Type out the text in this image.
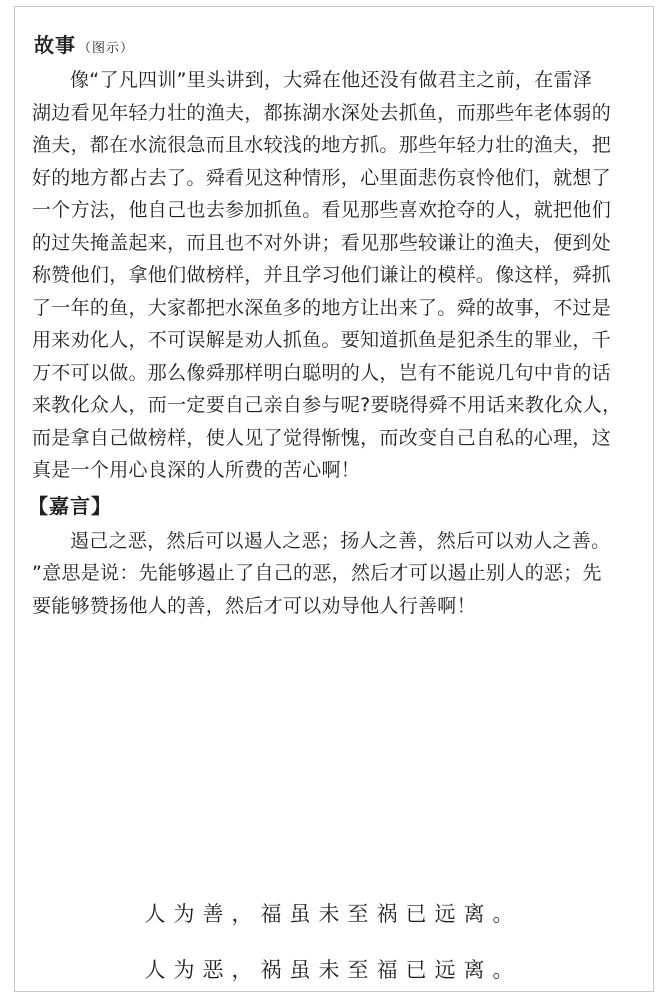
故事 （图示）
像“了凡四训”里头讲到，大舜在他还没有做君主之前，在雷泽
湖边看见年轻力壮的渔夫，都拣湖水深处去抓鱼，而那些年老体弱的
渔夫，都在水流很急而且水较浅的地方抓。那些年轻力壮的渔夫，把
好的地方都占去了。舜看见这种情形，心里面悲伤哀怜他们，就想了
一个方法，他自己也去参加抓鱼。看见那些喜欢抢夺的人，就把他们
的过失掩盖起来，而且也不对外讲；看见那些较谦让的渔夫，便到处
称赞他们，拿他们做榜样，并且学习他们谦让的模样。像这样，舜抓
了一年的鱼，大家都把水深鱼多的地方让出来了。舜的故事，不过是
用来劝化人，不可误解是劝人抓鱼。要知道抓鱼是犯杀生的罪业，千
万不可以做。那么像舜那样明白聪明的人，岂有不能说几句中肯的话
来教化众人，而一定要自己亲自参与呢?要晓得舜不用话来教化众人，
而是拿自己做榜样，使人见了觉得惭愧，而改变自己自私的心理，这
真是一个用心良深的人所费的苦心啊！
【嘉言】
遏己之恶，然后可以遏人之恶；扬人之善，然后可以劝人之善。
”意思是说：先能够遏止了自己的恶，然后才可以遏止别人的恶；先
要能够赞扬他人的善，然后才可以劝导他人行善啊！
人为善，福虽未至祸已远离。
人为恶，祸虽未至福已远离。
